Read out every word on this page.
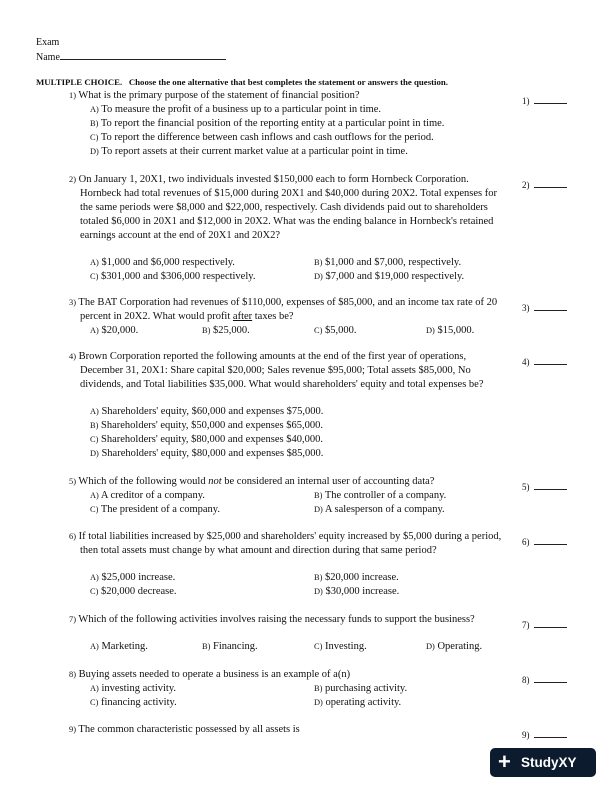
Exam
Name
MULTIPLE CHOICE. Choose the one alternative that best completes the statement or answers the question.
1) What is the primary purpose of the statement of financial position?
A) To measure the profit of a business up to a particular point in time.
B) To report the financial position of the reporting entity at a particular point in time.
C) To report the difference between cash inflows and cash outflows for the period.
D) To report assets at their current market value at a particular point in time.
1)
2) On January 1, 20X1, two individuals invested $150,000 each to form Hornbeck Corporation. Hornbeck had total revenues of $15,000 during 20X1 and $40,000 during 20X2. Total expenses for the same periods were $8,000 and $22,000, respectively. Cash dividends paid out to shareholders totaled $6,000 in 20X1 and $12,000 in 20X2. What was the ending balance in Hornbeck's retained earnings account at the end of 20X1 and 20X2?
A) $1,000 and $6,000 respectively.	B) $1,000 and $7,000, respectively.
C) $301,000 and $306,000 respectively.	D) $7,000 and $19,000 respectively.
2)
3) The BAT Corporation had revenues of $110,000, expenses of $85,000, and an income tax rate of 20 percent in 20X2. What would profit after taxes be?
A) $20,000.	B) $25,000.	C) $5,000.	D) $15,000.
3)
4) Brown Corporation reported the following amounts at the end of the first year of operations, December 31, 20X1: Share capital $20,000; Sales revenue $95,000; Total assets $85,000, No dividends, and Total liabilities $35,000. What would shareholders' equity and total expenses be?
A) Shareholders' equity, $60,000 and expenses $75,000.
B) Shareholders' equity, $50,000 and expenses $65,000.
C) Shareholders' equity, $80,000 and expenses $40,000.
D) Shareholders' equity, $80,000 and expenses $85,000.
4)
5) Which of the following would not be considered an internal user of accounting data?
A) A creditor of a company.	B) The controller of a company.
C) The president of a company.	D) A salesperson of a company.
5)
6) If total liabilities increased by $25,000 and shareholders' equity increased by $5,000 during a period, then total assets must change by what amount and direction during that same period?
A) $25,000 increase.	B) $20,000 increase.
C) $20,000 decrease.	D) $30,000 increase.
6)
7) Which of the following activities involves raising the necessary funds to support the business?
A) Marketing.	B) Financing.	C) Investing.	D) Operating.
7)
8) Buying assets needed to operate a business is an example of a(n)
A) investing activity.	B) purchasing activity.
C) financing activity.	D) operating activity.
8)
9) The common characteristic possessed by all assets is	9)
+ StudyXY
